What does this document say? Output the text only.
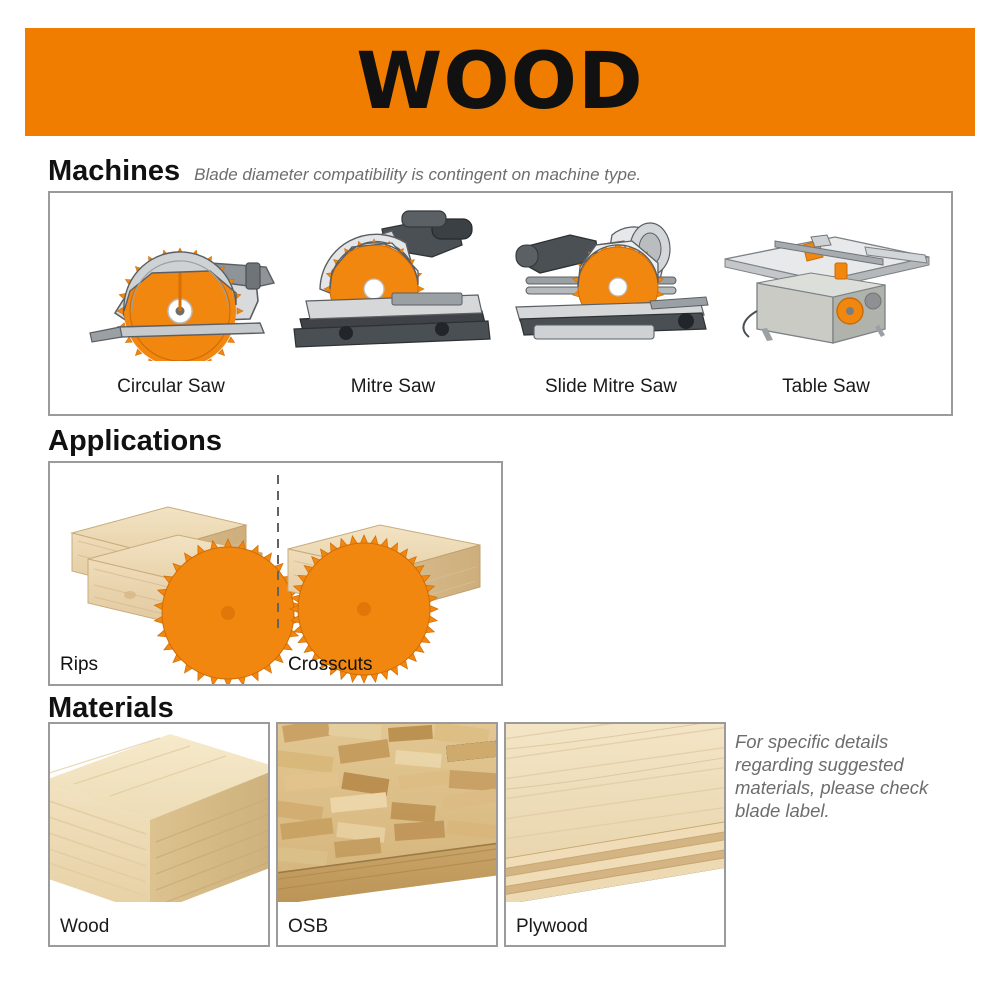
WOOD
Machines Blade diameter compatibility is contingent on machine type.
Circular Saw	Mitre Saw	Slide Mitre Saw	Table Saw
Applications
Rips	Crosscuts
Materials
Wood	OSB	Plywood
For specific details regarding suggested materials, please check blade label.
